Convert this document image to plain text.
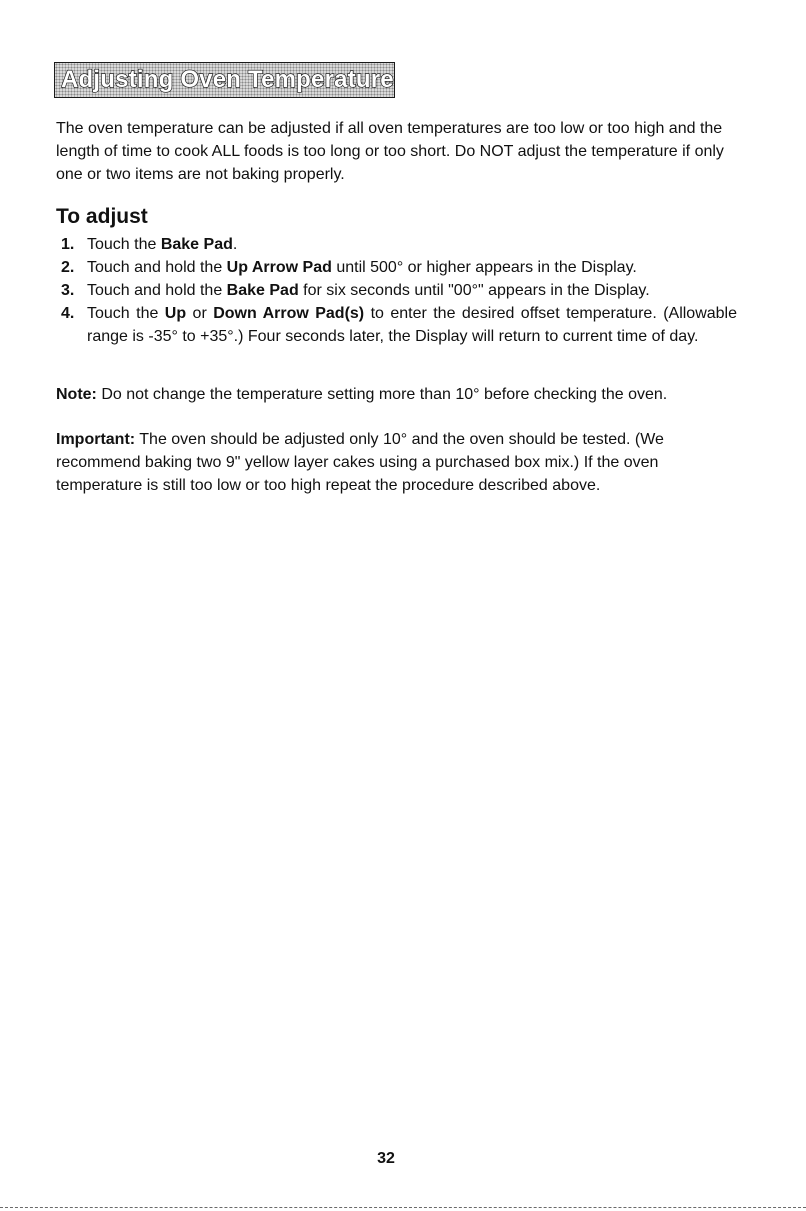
Adjusting Oven Temperature

The oven temperature can be adjusted if all oven temperatures are too low or too high and the length of time to cook ALL foods is too long or too short. Do NOT adjust the temperature if only one or two items are not baking properly.

To adjust
1. Touch the Bake Pad.
2. Touch and hold the Up Arrow Pad until 500° or higher appears in the Display.
3. Touch and hold the Bake Pad for six seconds until "00°" appears in the Display.
4. Touch the Up or Down Arrow Pad(s) to enter the desired offset temperature. (Allowable range is -35° to +35°.) Four seconds later, the Display will return to current time of day.

Note: Do not change the temperature setting more than 10° before checking the oven.

Important: The oven should be adjusted only 10° and the oven should be tested. (We recommend baking two 9" yellow layer cakes using a purchased box mix.) If the oven temperature is still too low or too high repeat the procedure described above.

32
